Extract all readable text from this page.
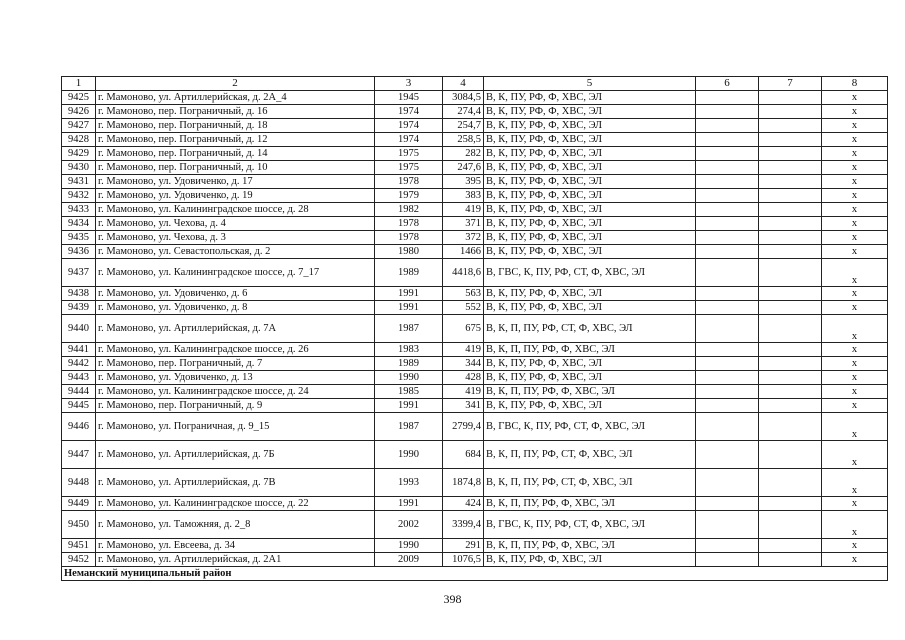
1	2	3	4	5	6	7	8
9425	г. Мамоново, ул. Артиллерийская, д. 2А_4	1945	3084,5	В, К, ПУ, РФ, Ф, ХВС, ЭЛ			х
9426	г. Мамоново, пер. Пограничный, д. 16	1974	274,4	В, К, ПУ, РФ, Ф, ХВС, ЭЛ			х
9427	г. Мамоново, пер. Пограничный, д. 18	1974	254,7	В, К, ПУ, РФ, Ф, ХВС, ЭЛ			х
9428	г. Мамоново, пер. Пограничный, д. 12	1974	258,5	В, К, ПУ, РФ, Ф, ХВС, ЭЛ			х
9429	г. Мамоново, пер. Пограничный, д. 14	1975	282	В, К, ПУ, РФ, Ф, ХВС, ЭЛ			х
9430	г. Мамоново, пер. Пограничный, д. 10	1975	247,6	В, К, ПУ, РФ, Ф, ХВС, ЭЛ			х
9431	г. Мамоново, ул. Удовиченко, д. 17	1978	395	В, К, ПУ, РФ, Ф, ХВС, ЭЛ			х
9432	г. Мамоново, ул. Удовиченко, д. 19	1979	383	В, К, ПУ, РФ, Ф, ХВС, ЭЛ			х
9433	г. Мамоново, ул. Калининградское шоссе, д. 28	1982	419	В, К, ПУ, РФ, Ф, ХВС, ЭЛ			х
9434	г. Мамоново, ул. Чехова, д. 4	1978	371	В, К, ПУ, РФ, Ф, ХВС, ЭЛ			х
9435	г. Мамоново, ул. Чехова, д. 3	1978	372	В, К, ПУ, РФ, Ф, ХВС, ЭЛ			х
9436	г. Мамоново, ул. Севастопольская, д. 2	1980	1466	В, К, ПУ, РФ, Ф, ХВС, ЭЛ			х
9437	г. Мамоново, ул. Калининградское шоссе, д. 7_17	1989	4418,6	В, ГВС, К, ПУ, РФ, СТ, Ф, ХВС, ЭЛ			х
9438	г. Мамоново, ул. Удовиченко, д. 6	1991	563	В, К, ПУ, РФ, Ф, ХВС, ЭЛ			х
9439	г. Мамоново, ул. Удовиченко, д. 8	1991	552	В, К, ПУ, РФ, Ф, ХВС, ЭЛ			х
9440	г. Мамоново, ул. Артиллерийская, д. 7А	1987	675	В, К, П, ПУ, РФ, СТ, Ф, ХВС, ЭЛ			х
9441	г. Мамоново, ул. Калининградское шоссе, д. 26	1983	419	В, К, П, ПУ, РФ, Ф, ХВС, ЭЛ			х
9442	г. Мамоново, пер. Пограничный, д. 7	1989	344	В, К, ПУ, РФ, Ф, ХВС, ЭЛ			х
9443	г. Мамоново, ул. Удовиченко, д. 13	1990	428	В, К, ПУ, РФ, Ф, ХВС, ЭЛ			х
9444	г. Мамоново, ул. Калининградское шоссе, д. 24	1985	419	В, К, П, ПУ, РФ, Ф, ХВС, ЭЛ			х
9445	г. Мамоново, пер. Пограничный, д. 9	1991	341	В, К, ПУ, РФ, Ф, ХВС, ЭЛ			х
9446	г. Мамоново, ул. Пограничная, д. 9_15	1987	2799,4	В, ГВС, К, ПУ, РФ, СТ, Ф, ХВС, ЭЛ			х
9447	г. Мамоново, ул. Артиллерийская, д. 7Б	1990	684	В, К, П, ПУ, РФ, СТ, Ф, ХВС, ЭЛ			х
9448	г. Мамоново, ул. Артиллерийская, д. 7В	1993	1874,8	В, К, П, ПУ, РФ, СТ, Ф, ХВС, ЭЛ			х
9449	г. Мамоново, ул. Калининградское шоссе, д. 22	1991	424	В, К, П, ПУ, РФ, Ф, ХВС, ЭЛ			х
9450	г. Мамоново, ул. Таможняя, д. 2_8	2002	3399,4	В, ГВС, К, ПУ, РФ, СТ, Ф, ХВС, ЭЛ			х
9451	г. Мамоново, ул. Евсеева, д. 34	1990	291	В, К, П, ПУ, РФ, Ф, ХВС, ЭЛ			х
9452	г. Мамоново, ул. Артиллерийская, д. 2А1	2009	1076,5	В, К, ПУ, РФ, Ф, ХВС, ЭЛ			х
Неманский муниципальный район							
398
